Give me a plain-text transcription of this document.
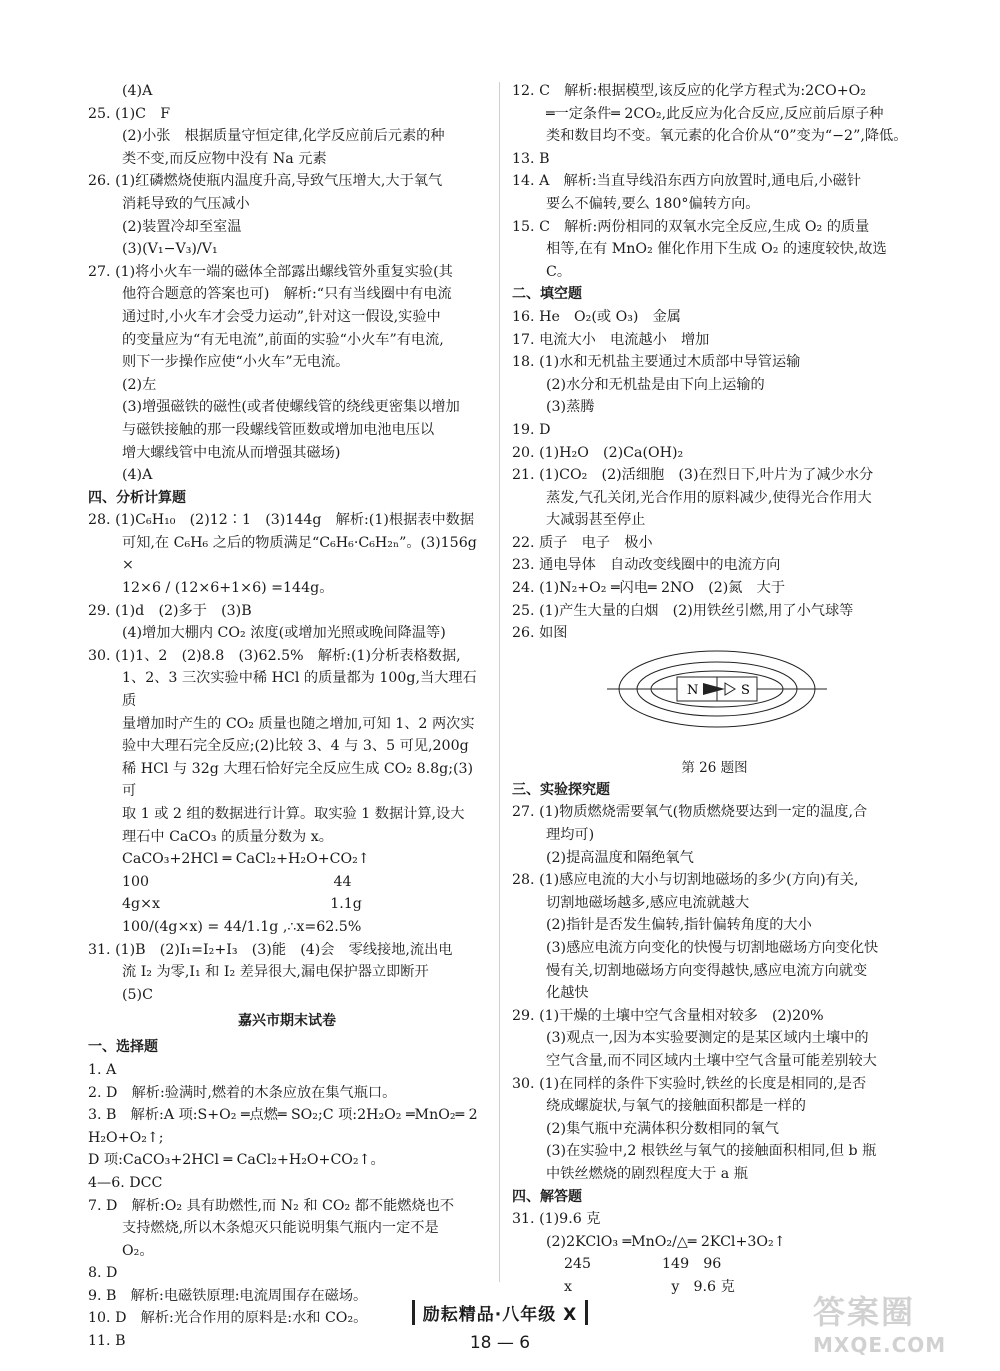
(4)A
25. (1)C　F
(2)小张　根据质量守恒定律,化学反应前后元素的种
类不变,而反应物中没有 Na 元素
26. (1)红磷燃烧使瓶内温度升高,导致气压增大,大于氧气
消耗导致的气压减小
(2)装置冷却至室温
(3)(V₁−V₃)/V₁
27. (1)将小火车一端的磁体全部露出螺线管外重复实验(其
他符合题意的答案也可)　解析:“只有当线圈中有电流
通过时,小火车才会受力运动”,针对这一假设,实验中
的变量应为“有无电流”,前面的实验“小火车”有电流,
则下一步操作应使“小火车”无电流。
(2)左
(3)增强磁铁的磁性(或者使螺线管的绕线更密集以增加
与磁铁接触的那一段螺线管匝数或增加电池电压以
增大螺线管中电流从而增强其磁场)
(4)A
四、分析计算题
28. (1)C₆H₁₀　(2)12∶1　(3)144g　解析:(1)根据表中数据
可知,在 C₆H₆ 之后的物质满足“C₆H₆·C₆H₂ₙ”。(3)156g×
12×6 / (12×6+1×6) =144g。
29. (1)d　(2)多于　(3)B
(4)增加大棚内 CO₂ 浓度(或增加光照或晚间降温等)
30. (1)1、2　(2)8.8　(3)62.5%　解析:(1)分析表格数据,
1、2、3 三次实验中稀 HCl 的质量都为 100g,当大理石质
量增加时产生的 CO₂ 质量也随之增加,可知 1、2 两次实
验中大理石完全反应;(2)比较 3、4 与 3、5 可见,200g
稀 HCl 与 32g 大理石恰好完全反应生成 CO₂ 8.8g;(3)可
取 1 或 2 组的数据进行计算。取实验 1 数据计算,设大
理石中 CaCO₃ 的质量分数为 x。
CaCO₃+2HCl ═ CaCl₂+H₂O+CO₂↑
100　　　　　　　　　　　　　44
4g×x　　　　　　　　　　　　1.1g
100/(4g×x) = 44/1.1g ,∴x=62.5%
31. (1)B　(2)I₁=I₂+I₃　(3)能　(4)会　零线接地,流出电
流 I₂ 为零,I₁ 和 I₂ 差异很大,漏电保护器立即断开
(5)C
嘉兴市期末试卷
一、选择题
1. A
2. D　解析:验满时,燃着的木条应放在集气瓶口。
3. B　解析:A 项:S+O₂ ═点燃═ SO₂;C 项:2H₂O₂ ═MnO₂═ 2H₂O+O₂↑;
D 项:CaCO₃+2HCl ═ CaCl₂+H₂O+CO₂↑。
4—6. DCC
7. D　解析:O₂ 具有助燃性,而 N₂ 和 CO₂ 都不能燃烧也不
支持燃烧,所以木条熄灭只能说明集气瓶内一定不是
O₂。
8. D
9. B　解析:电磁铁原理:电流周围存在磁场。
10. D　解析:光合作用的原料是:水和 CO₂。
11. B
12. C　解析:根据模型,该反应的化学方程式为:2CO+O₂
═一定条件═ 2CO₂,此反应为化合反应,反应前后原子种
类和数目均不变。氧元素的化合价从“0”变为“−2”,降低。
13. B
14. A　解析:当直导线沿东西方向放置时,通电后,小磁针
要么不偏转,要么 180°偏转方向。
15. C　解析:两份相同的双氧水完全反应,生成 O₂ 的质量
相等,在有 MnO₂ 催化作用下生成 O₂ 的速度较快,故选
C。
二、填空题
16. He　O₂(或 O₃)　金属
17. 电流大小　电流越小　增加
18. (1)水和无机盐主要通过木质部中导管运输
(2)水分和无机盐是由下向上运输的
(3)蒸腾
19. D
20. (1)H₂O　(2)Ca(OH)₂
21. (1)CO₂　(2)活细胞　(3)在烈日下,叶片为了减少水分
蒸发,气孔关闭,光合作用的原料减少,使得光合作用大
大减弱甚至停止
22. 质子　电子　极小
23. 通电导体　自动改变线圈中的电流方向
24. (1)N₂+O₂ ═闪电═ 2NO　(2)氮　大于
25. (1)产生大量的白烟　(2)用铁丝引燃,用了小气球等
26. 如图
N	S
第 26 题图
三、实验探究题
27. (1)物质燃烧需要氧气(物质燃烧要达到一定的温度,合
理均可)
(2)提高温度和隔绝氧气
28. (1)感应电流的大小与切割地磁场的多少(方向)有关,
切割地磁场越多,感应电流就越大
(2)指针是否发生偏转,指针偏转角度的大小
(3)感应电流方向变化的快慢与切割地磁场方向变化快
慢有关,切割地磁场方向变得越快,感应电流方向就变
化越快
29. (1)干燥的土壤中空气含量相对较多　(2)20%
(3)观点一,因为本实验要测定的是某区域内土壤中的
空气含量,而不同区域内土壤中空气含量可能差别较大
30. (1)在同样的条件下实验时,铁丝的长度是相同的,是否
绕成螺旋状,与氧气的接触面积都是一样的
(2)集气瓶中充满体积分数相同的氧气
(3)在实验中,2 根铁丝与氧气的接触面积相同,但 b 瓶
中铁丝燃烧的剧烈程度大于 a 瓶
四、解答题
31. (1)9.6 克
(2)2KClO₃ ═MnO₂/△═ 2KCl+3O₂↑
245　　　　　149　96
x　　　　　　　y　9.6 克
励耘精品·八年级 X
18 — 6
答案圈
MXQE.COM
